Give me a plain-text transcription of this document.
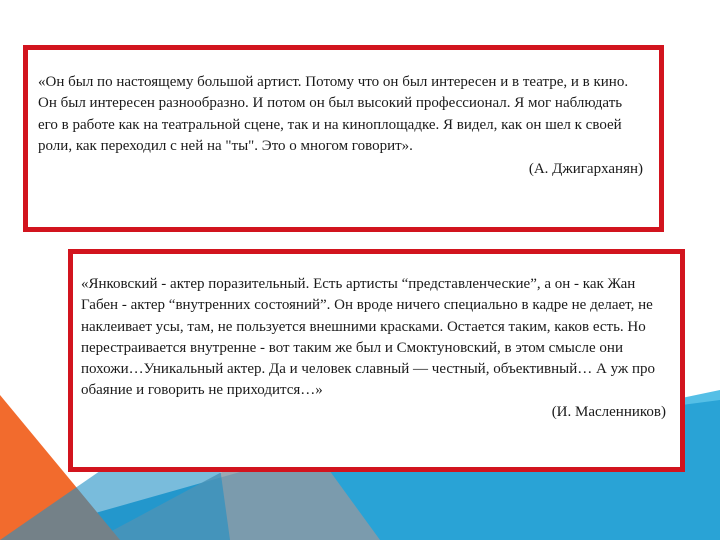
«Он был по настоящему большой артист. Потому что он был интересен и в театре, и в кино. Он был интересен разнообразно. И потом он был высокий профессионал. Я мог наблюдать его в работе как на театральной сцене, так и на киноплощадке. Я видел, как он шел к своей роли, как переходил с ней на "ты". Это о многом говорит».

(А. Джигарханян)

«Янковский - актер поразительный. Есть артисты “представленческие”, а он - как Жан Габен - актер “внутренних состояний”. Он вроде ничего специально в кадре не делает, не наклеивает усы, там, не пользуется внешними красками. Остается таким, каков есть. Но перестраивается внутренне - вот таким же был и Смоктуновский, в этом смысле они похожи…Уникальный актер. Да и человек славный — честный, объективный… А уж про обаяние и говорить не приходится…»

(И. Масленников)
